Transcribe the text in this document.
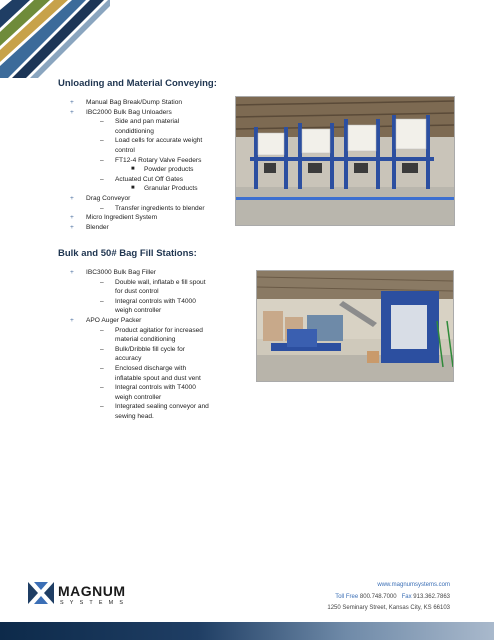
Unloading and Material Conveying:
+ Manual Bag Break/Dump Station
+ IBC2000 Bulk Bag Unloaders
– Side and pan material
condidtioning
– Load cells for accurate weight
control
– FT12-4 Rotary Valve Feeders
■ Powder products
– Actuated Cut Off Gates
■ Granular Products
+ Drag Conveyor
– Transfer ingredients to blender
+ Micro Ingredient System
+ Blender
Bulk and 50# Bag Fill Stations:
+ IBC3000 Bulk Bag Filler
– Double wall, inflatab e fill spout
for dust control
– Integral controls with T4000
weigh controller
+ APO Auger Packer
– Product agitatior for increased
material conditioning
– Bulk/Dribble fill cycle for
accuracy
– Enclosed discharge with
inflatable spout and dust vent
– Integral controls with T4000
weigh controller
– Integrated sealing conveyor and
sewing head.
MAGNUM
SYSTEMS
www.magnumsystems.com
Toll Free 800.748.7000 Fax 913.362.7863
1250 Seminary Street, Kansas City, KS 66103
